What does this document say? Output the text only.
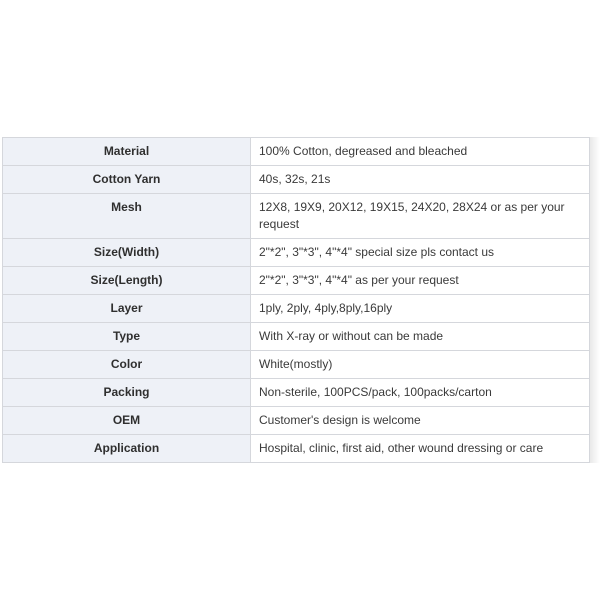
Material	100% Cotton, degreased and bleached
Cotton Yarn	40s, 32s, 21s
Mesh	12X8, 19X9, 20X12, 19X15, 24X20, 28X24 or as per your request
Size(Width)	2"*2", 3"*3", 4"*4" special size pls contact us
Size(Length)	2"*2", 3"*3", 4"*4" as per your request
Layer	1ply, 2ply, 4ply,8ply,16ply
Type	With X-ray or without can be made
Color	White(mostly)
Packing	Non-sterile, 100PCS/pack, 100packs/carton
OEM	Customer's design is welcome
Application	Hospital, clinic, first aid, other wound dressing or care
